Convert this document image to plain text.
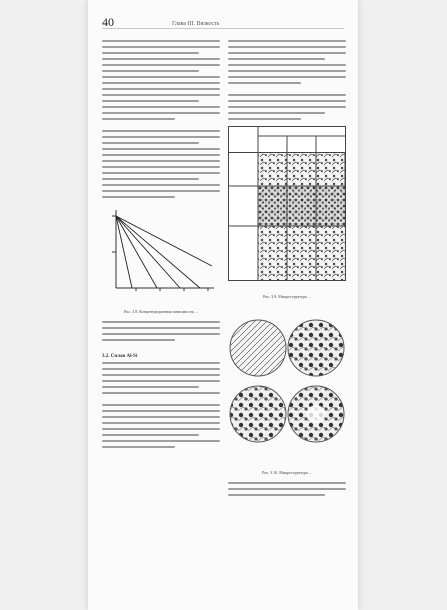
40	Глава III. Вязкость
Рис. 3.8. Концентрационная зависимость ...
3.2. Сплав Al-Si
Рис. 3.9. Микроструктура ...
Рис. 3.10. Микроструктура ...
